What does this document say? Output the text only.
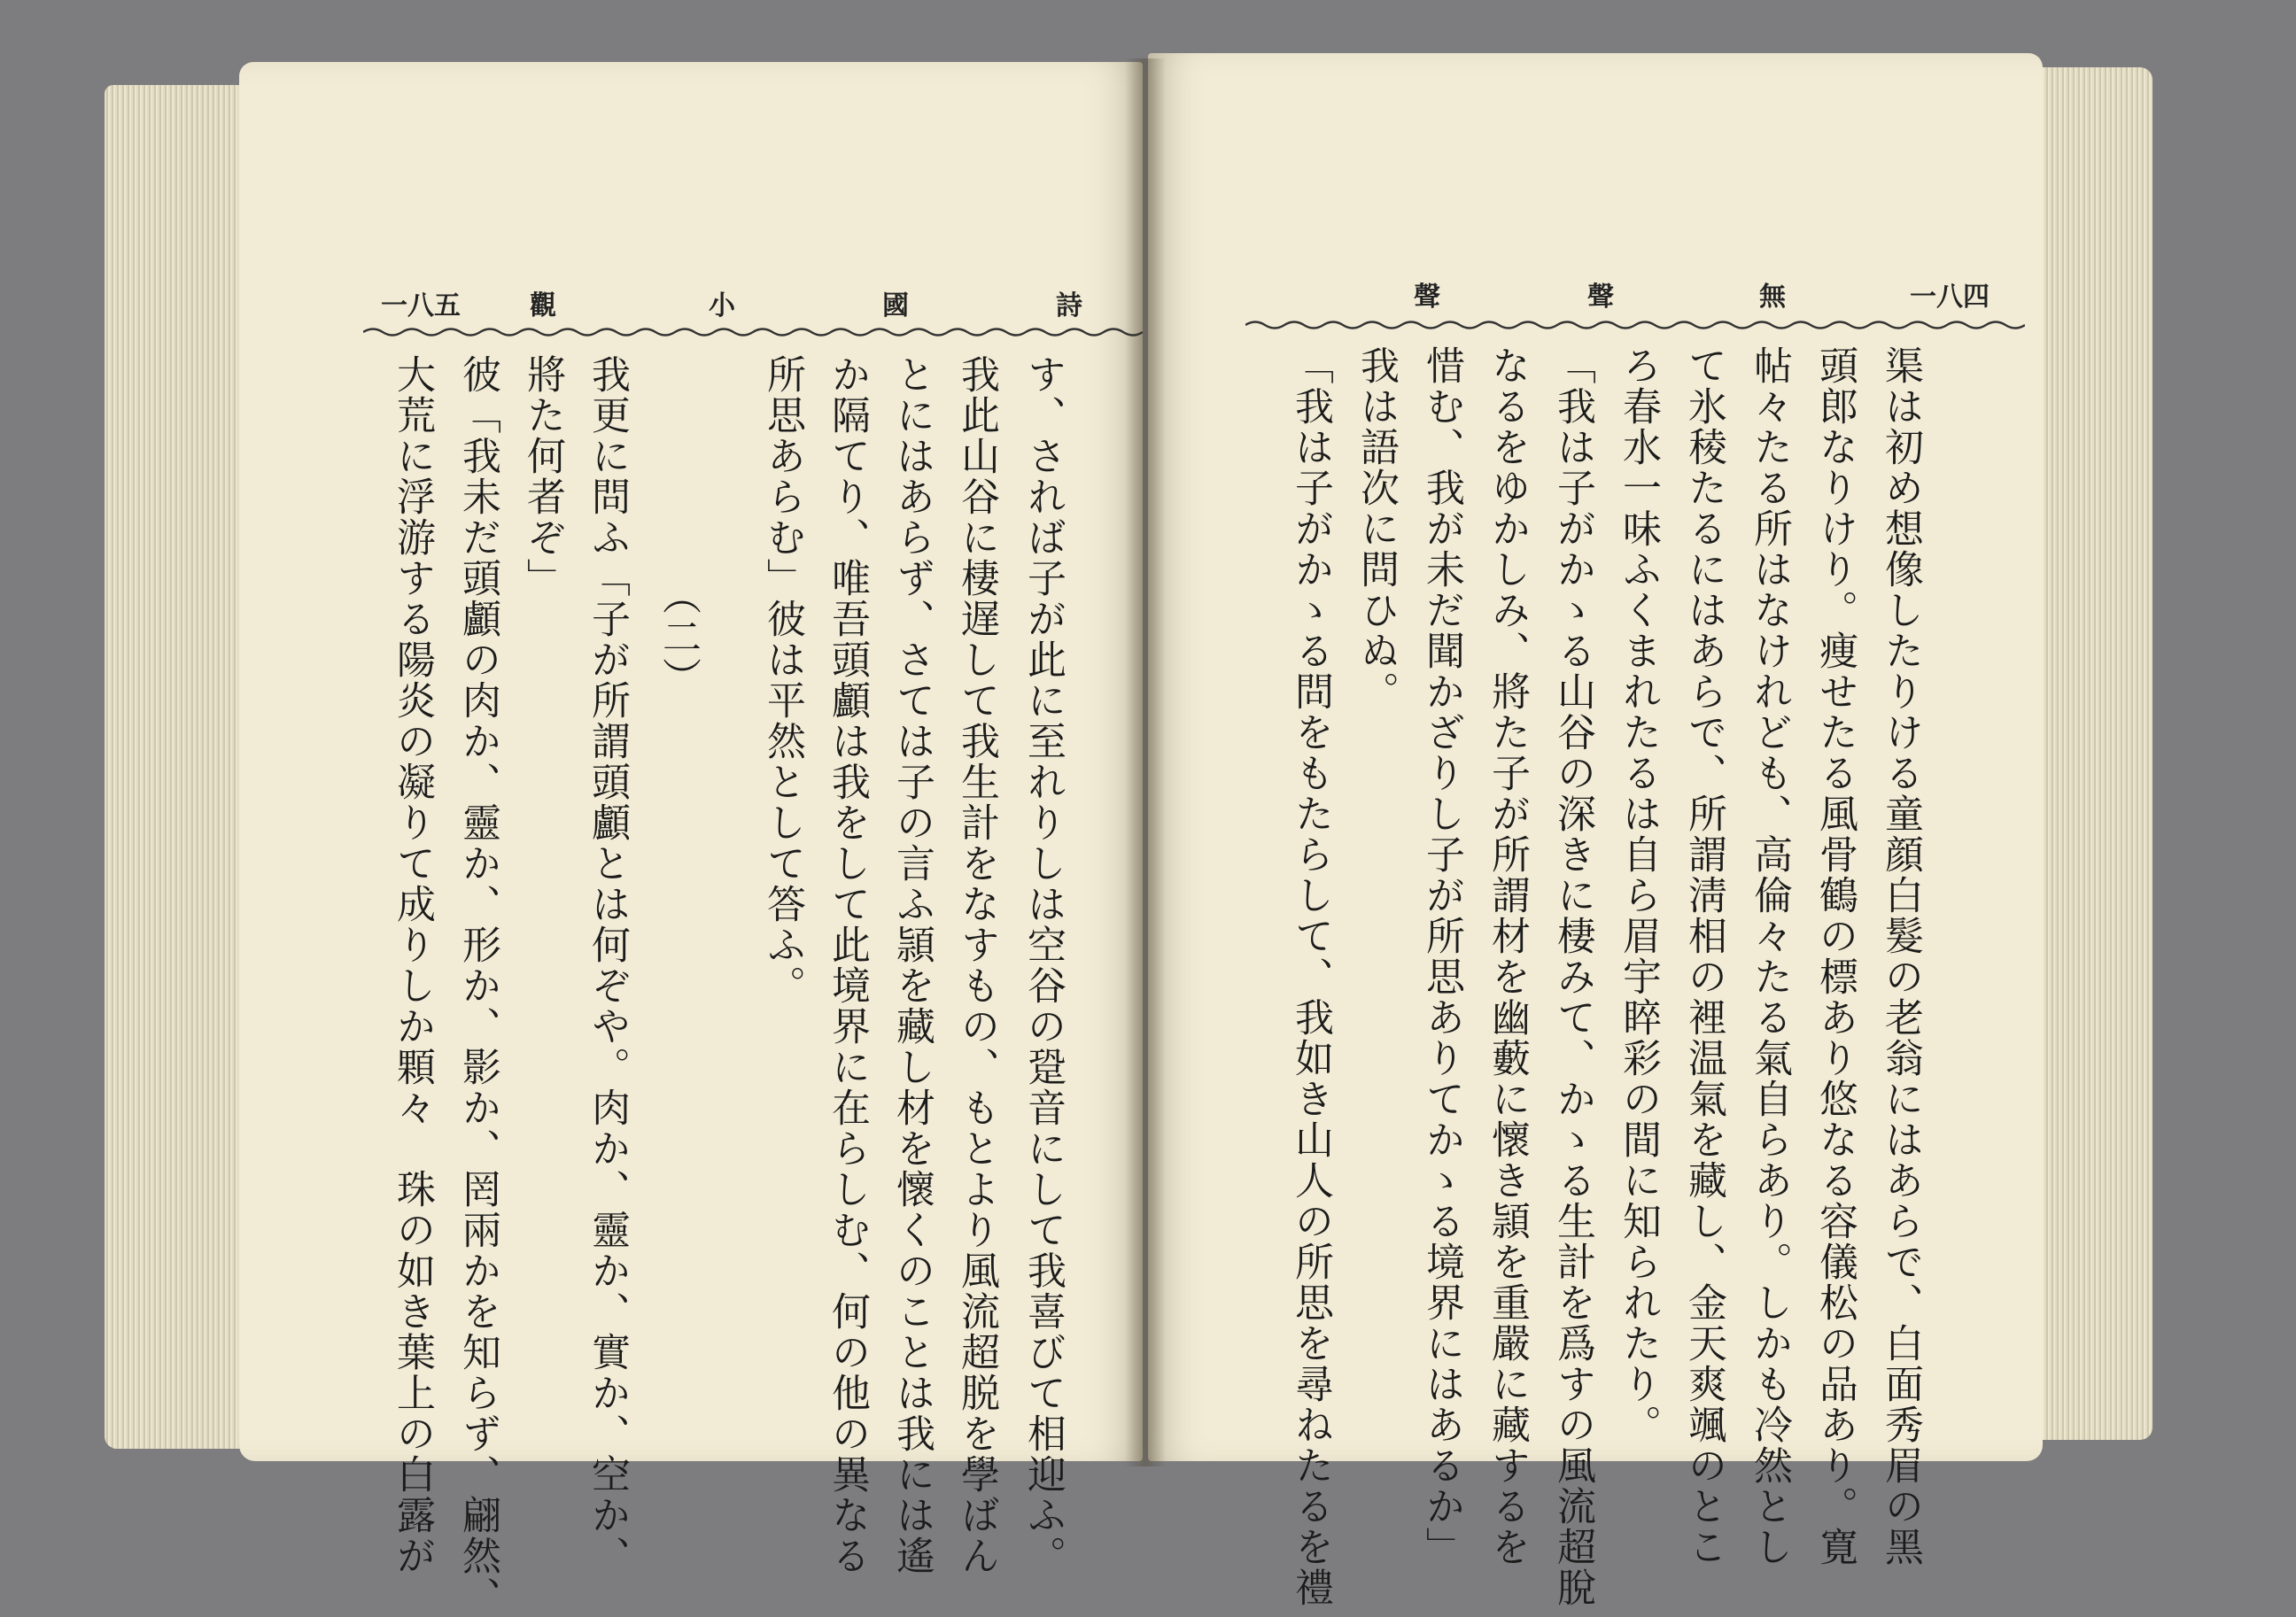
一八五	觀	小	國	詩
す、されば子が此に至れりしは空谷の跫音にして我喜びて相迎ふ。
我此山谷に棲遅して我生計をなすもの、もとより風流超脱を學ばん
とにはあらず、さては子の言ふ頴を藏し材を懷くのことは我には遙
か隔てり、唯吾頭顱は我をして此境界に在らしむ、何の他の異なる
所思あらむ」彼は平然として答ふ。
（二）
我更に問ふ「子が所謂頭顱とは何ぞや。肉か、靈か、實か、空か、
將た何者ぞ」
彼「我未だ頭顱の肉か、靈か、形か、影か、罔兩かを知らず、翩然、
大荒に浮游する陽炎の凝りて成りしか顆々　珠の如き葉上の白露が
聲	聲	無	一八四
渠は初め想像したりける童顔白髮の老翁にはあらで、白面秀眉の黑
頭郎なりけり。痩せたる風骨鶴の標あり悠なる容儀松の品あり。寛
帖々たる所はなけれども、高倫々たる氣自らあり。しかも冷然とし
て氷稜たるにはあらで、所謂淸相の裡温氣を藏し、金天爽颯のとこ
ろ春水一味ふくまれたるは自ら眉宇睟彩の間に知られたり。
「我は子がかゝる山谷の深きに棲みて、かゝる生計を爲すの風流超脫
なるをゆかしみ、將た子が所謂材を幽藪に懷き頴を重嚴に藏するを
惜む、我が未だ聞かざりし子が所思ありてかゝる境界にはあるか」
我は語次に問ひぬ。
「我は子がかゝる問をもたらして、我如き山人の所思を尋ねたるを禮
